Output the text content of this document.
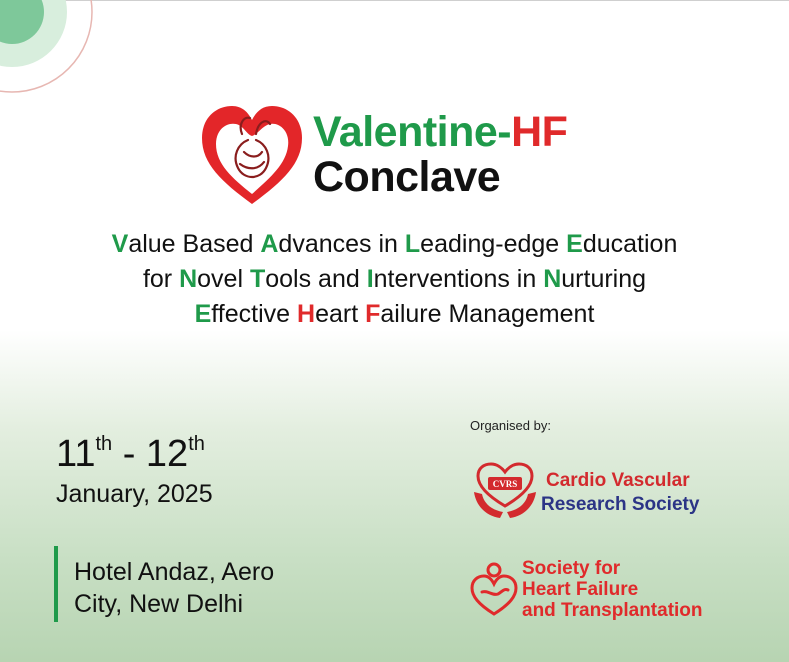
Valentine-HF
Conclave
Value Based Advances in Leading-edge Education
for Novel Tools and Interventions in Nurturing
Effective Heart Failure Management
11th - 12th
January, 2025
Hotel Andaz, Aero
City, New Delhi
Organised by:
CVRS Cardio Vascular
Research Society
Society for
Heart Failure
and Transplantation
